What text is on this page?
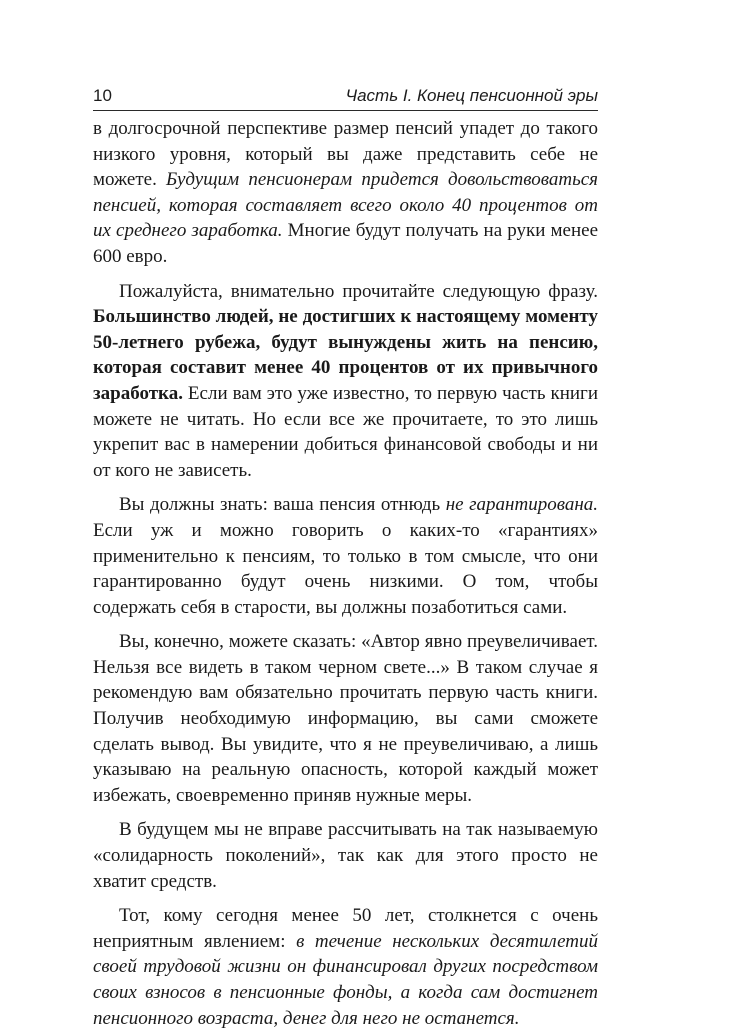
10	Часть I. Конец пенсионной эры

в долгосрочной перспективе размер пенсий упадет до такого низкого уровня, который вы даже представить себе не можете. Будущим пенсионерам придется довольствоваться пенсией, которая составляет всего около 40 процентов от их среднего заработка. Многие будут получать на руки менее 600 евро.

Пожалуйста, внимательно прочитайте следующую фразу. Большинство людей, не достигших к настоящему моменту 50-летнего рубежа, будут вынуждены жить на пенсию, которая составит менее 40 процентов от их привычного заработка. Если вам это уже известно, то первую часть книги можете не читать. Но если все же прочитаете, то это лишь укрепит вас в намерении добиться финансовой свободы и ни от кого не зависеть.

Вы должны знать: ваша пенсия отнюдь не гарантирована. Если уж и можно говорить о каких-то «гарантиях» применительно к пенсиям, то только в том смысле, что они гарантированно будут очень низкими. О том, чтобы содержать себя в старости, вы должны позаботиться сами.

Вы, конечно, можете сказать: «Автор явно преувеличивает. Нельзя все видеть в таком черном свете...» В таком случае я рекомендую вам обязательно прочитать первую часть книги. Получив необходимую информацию, вы сами сможете сделать вывод. Вы увидите, что я не преувеличиваю, а лишь указываю на реальную опасность, которой каждый может избежать, своевременно приняв нужные меры.

В будущем мы не вправе рассчитывать на так называемую «солидарность поколений», так как для этого просто не хватит средств.

Тот, кому сегодня менее 50 лет, столкнется с очень неприятным явлением: в течение нескольких десятилетий своей трудовой жизни он финансировал других посредством своих взносов в пенсионные фонды, а когда сам достигнет пенсионного возраста, денег для него не останется.
